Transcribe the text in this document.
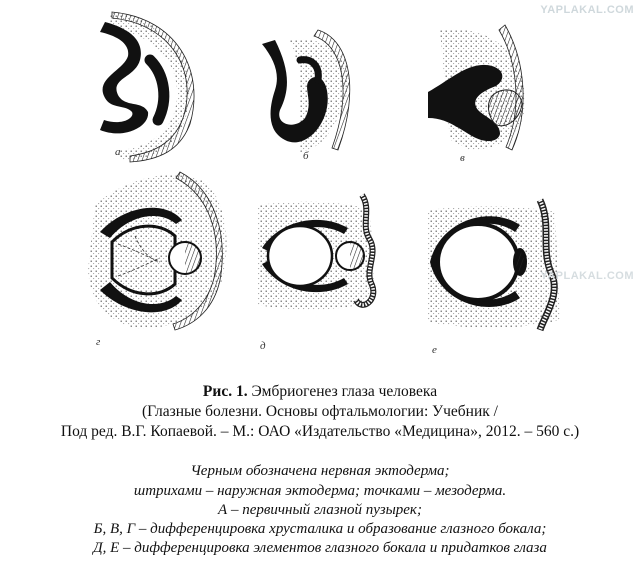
а	б	в
г	д	е
YAPLAKAL.COM
YAPLAKAL.COM
Рис. 1. Эмбриогенез глаза человека
(Глазные болезни. Основы офтальмологии: Учебник /
Под ред. В.Г. Копаевой. – М.: ОАО «Издательство «Медицина», 2012. – 560 с.)
Черным обозначена нервная эктодерма;
штрихами – наружная эктодерма; точками – мезодерма.
А – первичный глазной пузырек;
Б, В, Г – дифференцировка хрусталика и образование глазного бокала;
Д, Е – дифференцировка элементов глазного бокала и придатков глаза
